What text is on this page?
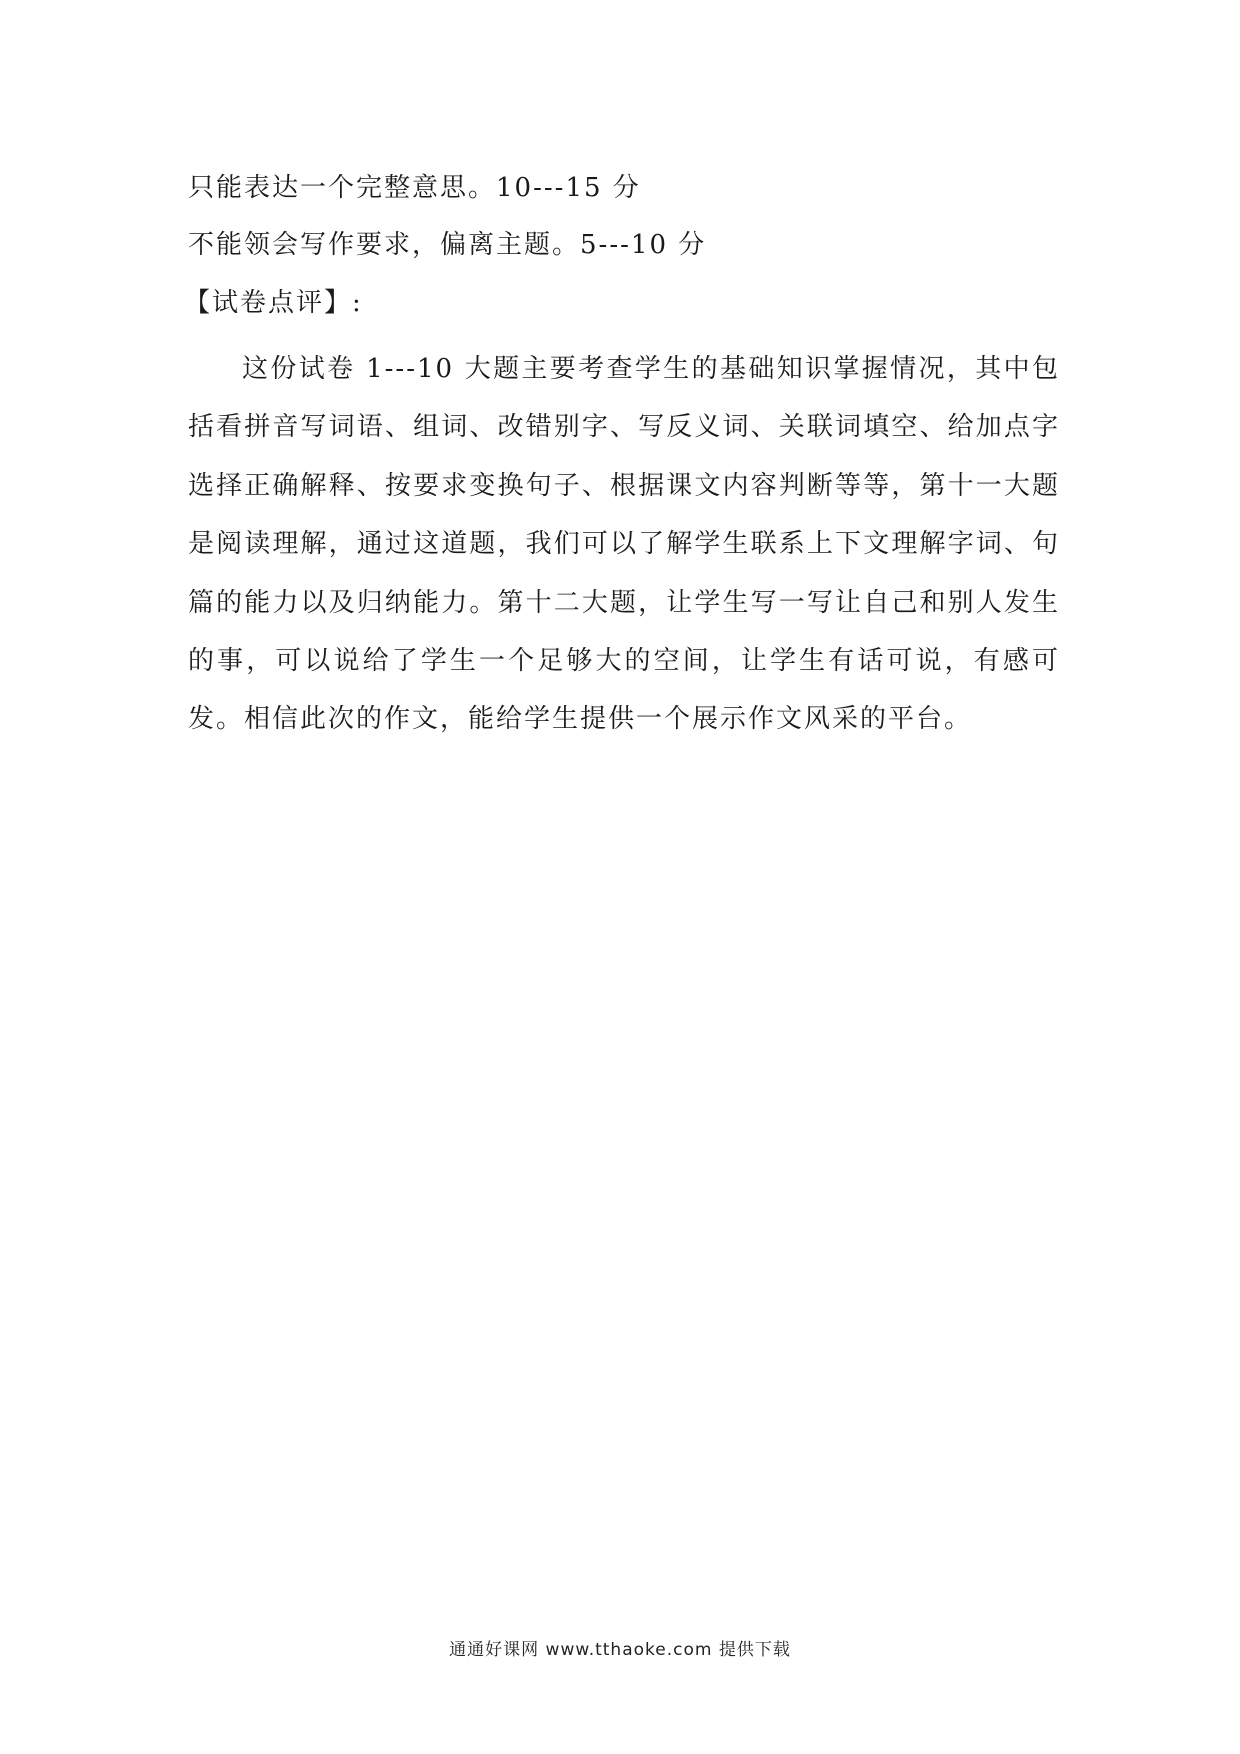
只能表达一个完整意思。10---15 分
不能领会写作要求，偏离主题。5---10 分
【试卷点评】:

这份试卷 1---10 大题主要考查学生的基础知识掌握情况，其中包括看拼音写词语、组词、改错别字、写反义词、关联词填空、给加点字选择正确解释、按要求变换句子、根据课文内容判断等等，第十一大题是阅读理解，通过这道题，我们可以了解学生联系上下文理解字词、句篇的能力以及归纳能力。第十二大题，让学生写一写让自己和别人发生的事，可以说给了学生一个足够大的空间，让学生有话可说，有感可发。相信此次的作文，能给学生提供一个展示作文风采的平台。

通通好课网 www.tthaoke.com 提供下载
